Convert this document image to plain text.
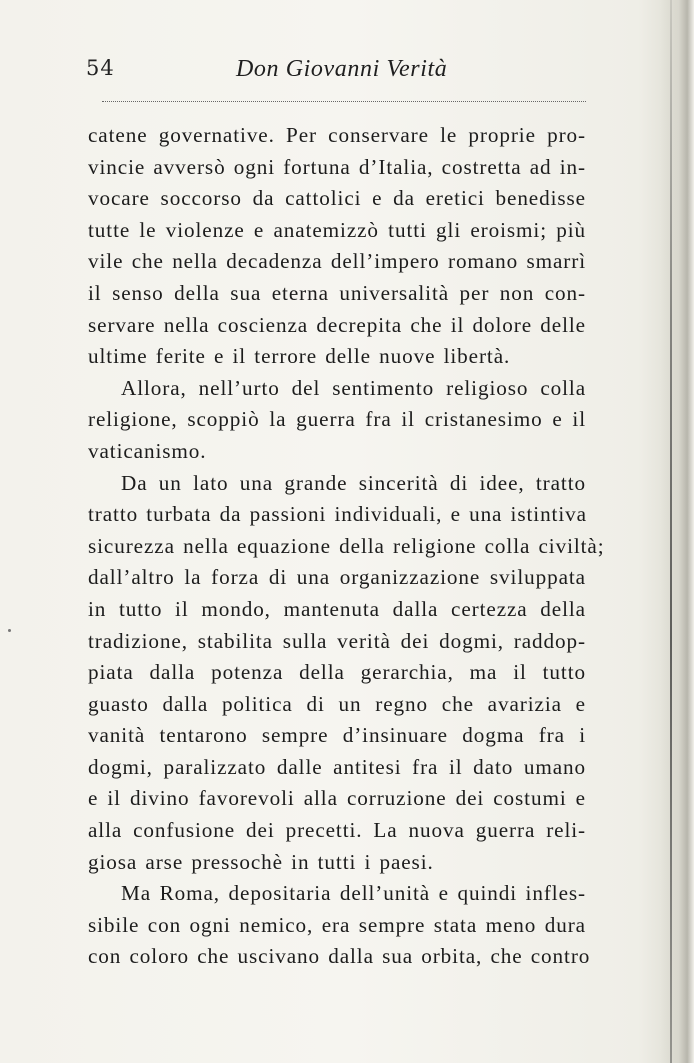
54	Don Giovanni Verità
catene governative. Per conservare le proprie pro-
vincie avversò ogni fortuna d’Italia, costretta ad in-
vocare soccorso da cattolici e da eretici benedisse
tutte le violenze e anatemizzò tutti gli eroismi; più
vile che nella decadenza dell’impero romano smarrì
il senso della sua eterna universalità per non con-
servare nella coscienza decrepita che il dolore delle
ultime ferite e il terrore delle nuove libertà.
Allora, nell’urto del sentimento religioso colla
religione, scoppiò la guerra fra il cristanesimo e il
vaticanismo.
Da un lato una grande sincerità di idee, tratto
tratto turbata da passioni individuali, e una istintiva
sicurezza nella equazione della religione colla civiltà;
dall’altro la forza di una organizzazione sviluppata
in tutto il mondo, mantenuta dalla certezza della
tradizione, stabilita sulla verità dei dogmi, raddop-
piata dalla potenza della gerarchia, ma il tutto
guasto dalla politica di un regno che avarizia e
vanità tentarono sempre d’insinuare dogma fra i
dogmi, paralizzato dalle antitesi fra il dato umano
e il divino favorevoli alla corruzione dei costumi e
alla confusione dei precetti. La nuova guerra reli-
giosa arse pressochè in tutti i paesi.
Ma Roma, depositaria dell’unità e quindi infles-
sibile con ogni nemico, era sempre stata meno dura
con coloro che uscivano dalla sua orbita, che contro
